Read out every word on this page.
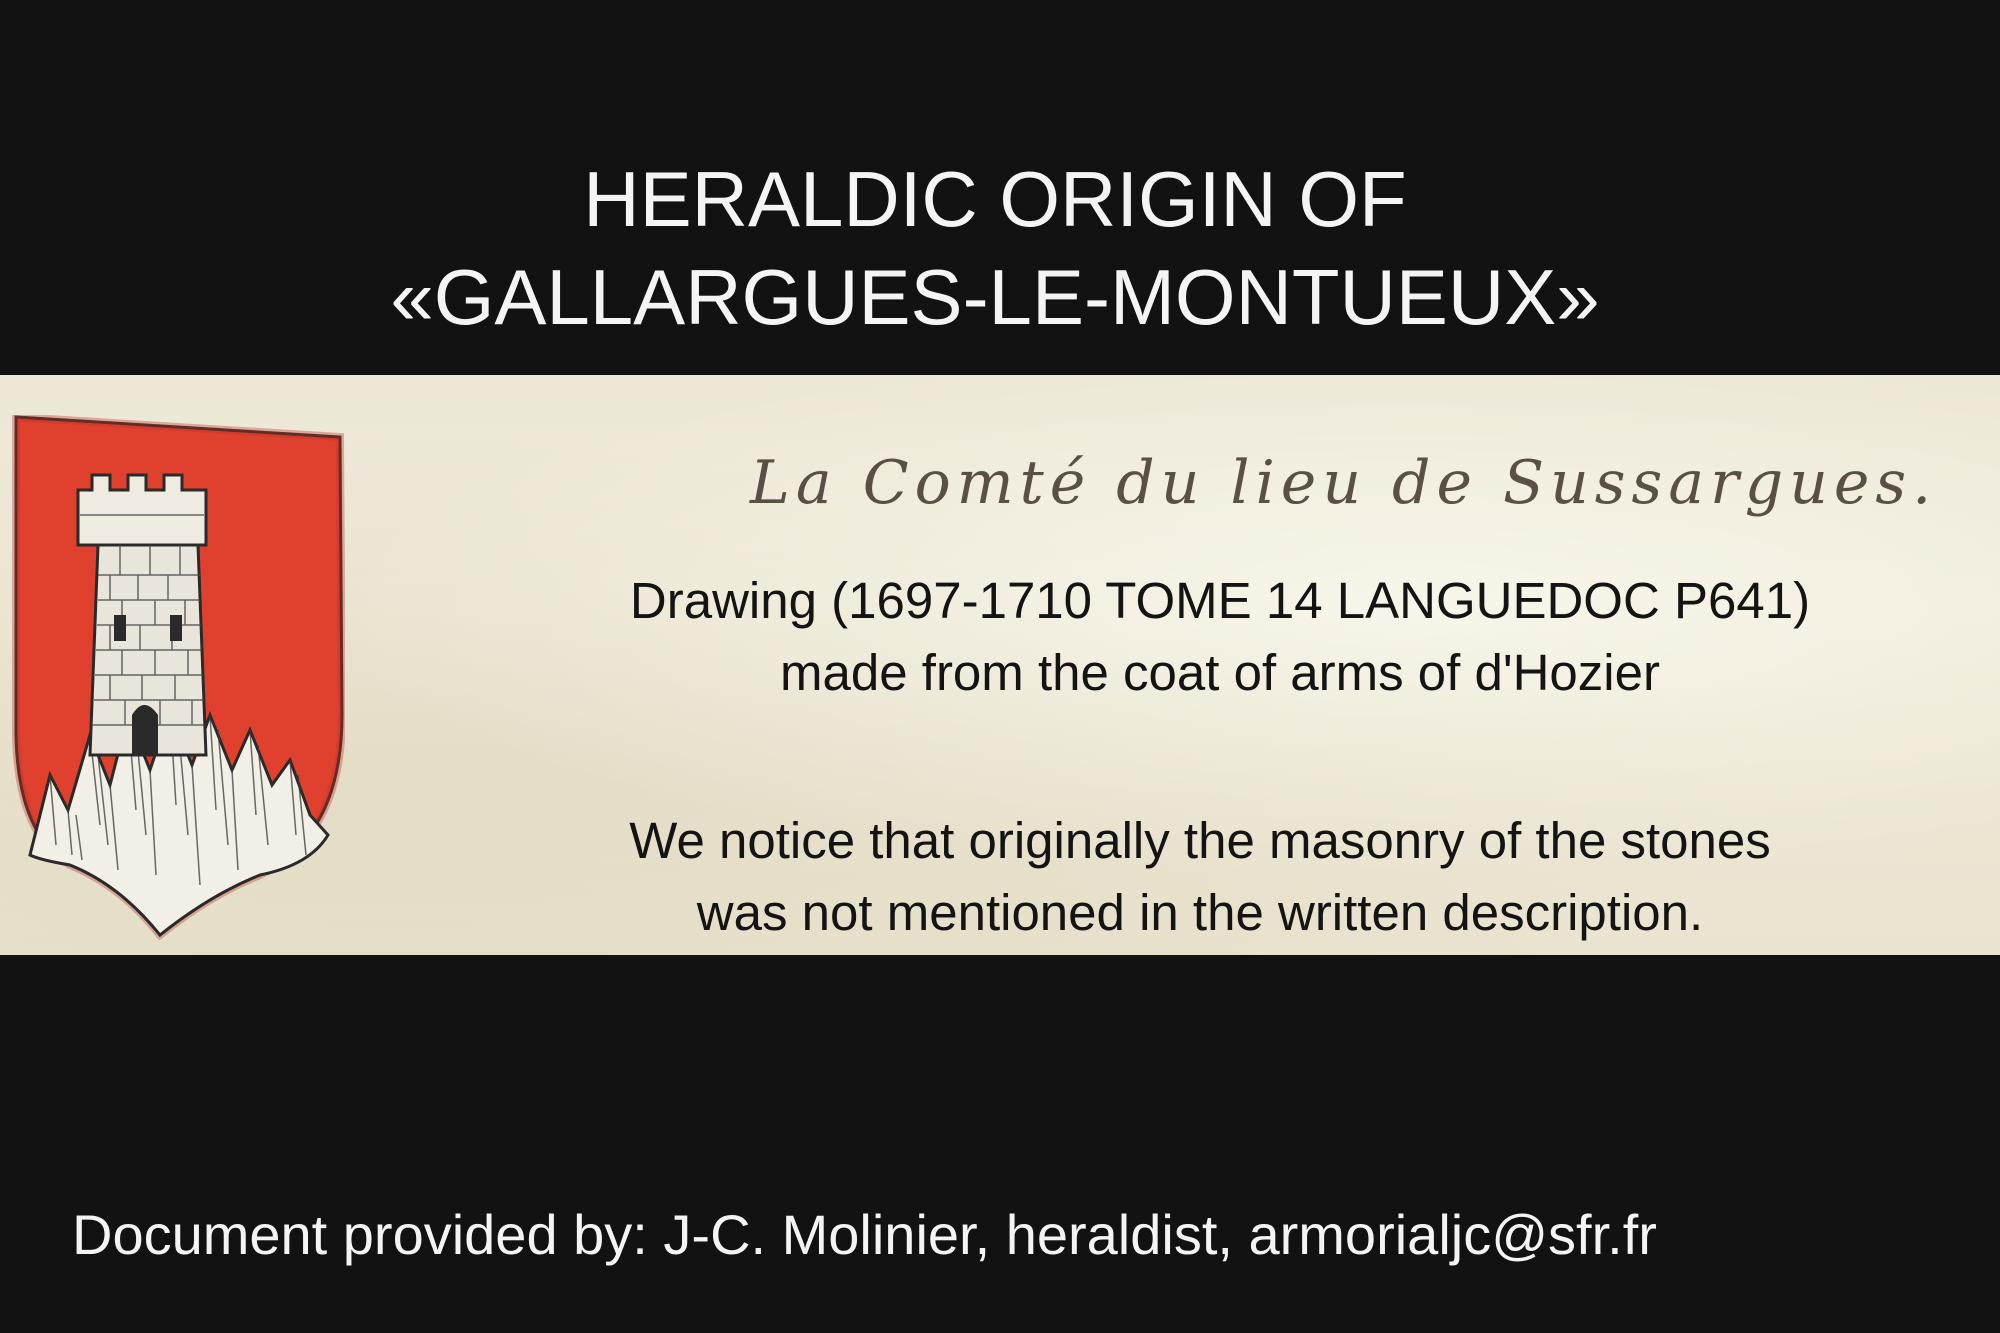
HERALDIC ORIGIN OF
«GALLARGUES-LE-MONTUEUX»
La Comté du lieu de Sussargues.
Drawing (1697-1710 TOME 14 LANGUEDOC P641)
made from the coat of arms of d'Hozier
We notice that originally the masonry of the stones
was not mentioned in the written description.
Document provided by: J-C. Molinier, heraldist, armorialjc@sfr.fr
